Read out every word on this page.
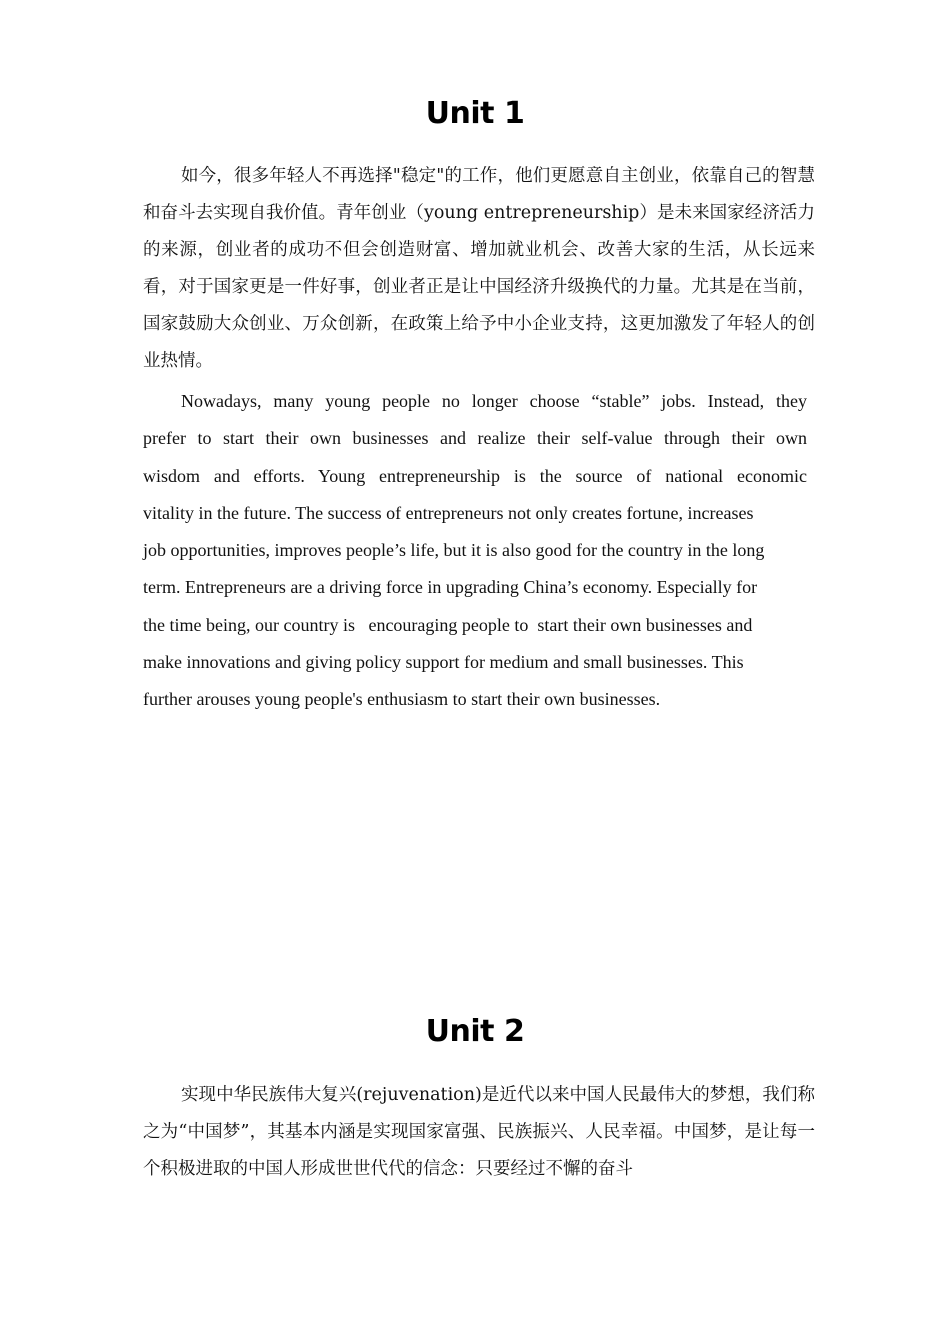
Unit 1

如今，很多年轻人不再选择"稳定"的工作，他们更愿意自主创业，依靠自己的智慧和奋斗去实现自我价值。青年创业（young entrepreneurship）是未来国家经济活力的来源，创业者的成功不但会创造财富、增加就业机会、改善大家的生活，从长远来看，对于国家更是一件好事，创业者正是让中国经济升级换代的力量。尤其是在当前，国家鼓励大众创业、万众创新，在政策上给予中小企业支持，这更加激发了年轻人的创业热情。

Nowadays, many young people no longer choose “stable” jobs. Instead, they
prefer to start their own businesses and realize their self-value through their own
wisdom and efforts. Young entrepreneurship is the source of national economic
vitality in the future. The success of entrepreneurs not only creates fortune, increases
job opportunities, improves people’s life, but it is also good for the country in the long
term. Entrepreneurs are a driving force in upgrading China’s economy. Especially for
the time being, our country is   encouraging people to  start their own businesses and
make innovations and giving policy support for medium and small businesses. This
further arouses young people's enthusiasm to start their own businesses.
Unit 2

实现中华民族伟大复兴(rejuvenation)是近代以来中国人民最伟大的梦想，我们称之为“中国梦”，其基本内涵是实现国家富强、民族振兴、人民幸福。中国梦，是让每一个积极进取的中国人形成世世代代的信念：只要经过不懈的奋斗
